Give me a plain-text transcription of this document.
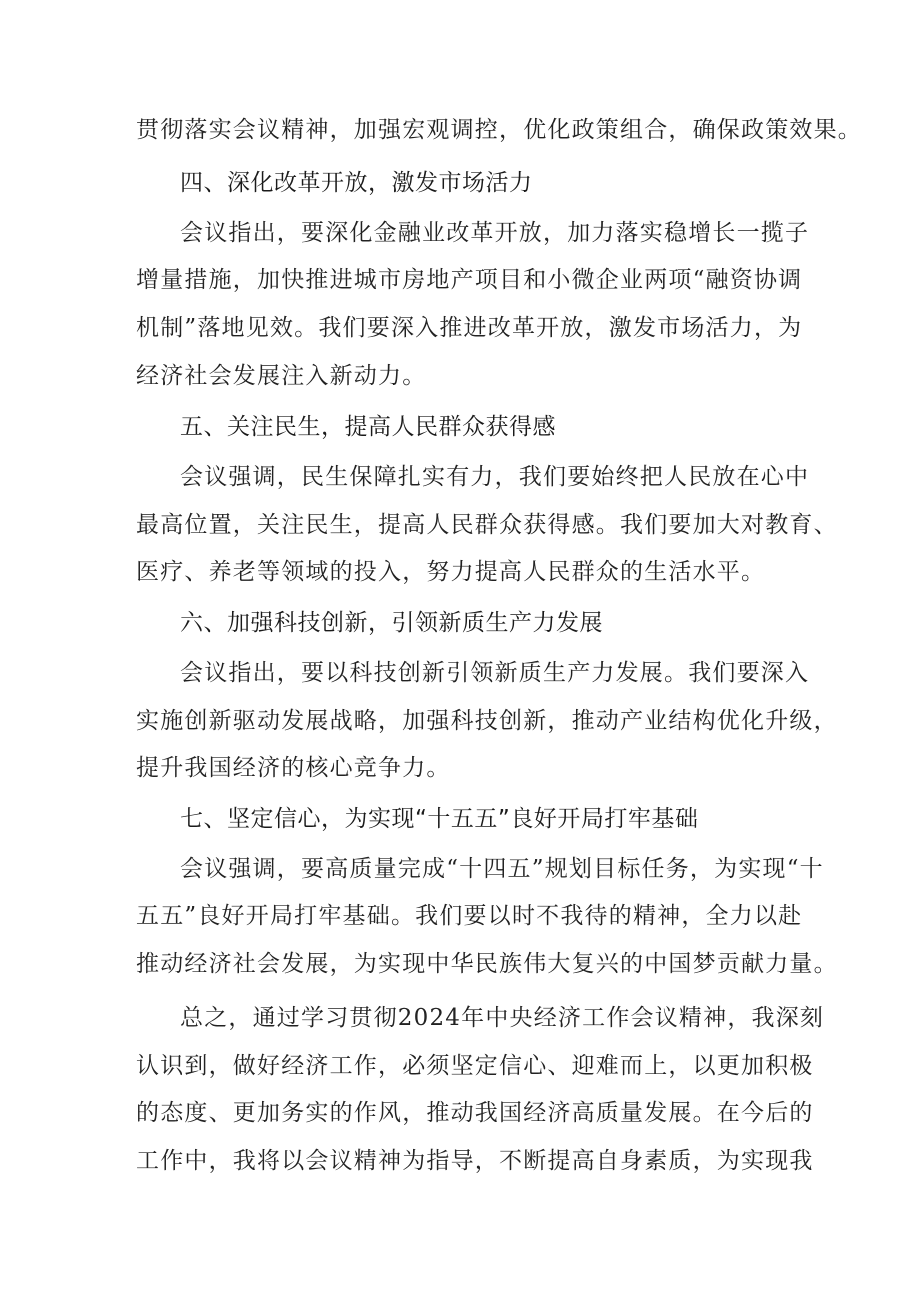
贯彻落实会议精神，加强宏观调控，优化政策组合，确保政策效果。
四、深化改革开放，激发市场活力
会议指出，要深化金融业改革开放，加力落实稳增长一揽子
增量措施，加快推进城市房地产项目和小微企业两项“融资协调
机制”落地见效。我们要深入推进改革开放，激发市场活力，为
经济社会发展注入新动力。
五、关注民生，提高人民群众获得感
会议强调，民生保障扎实有力，我们要始终把人民放在心中
最高位置，关注民生，提高人民群众获得感。我们要加大对教育、
医疗、养老等领域的投入，努力提高人民群众的生活水平。
六、加强科技创新，引领新质生产力发展
会议指出，要以科技创新引领新质生产力发展。我们要深入
实施创新驱动发展战略，加强科技创新，推动产业结构优化升级，
提升我国经济的核心竞争力。
七、坚定信心，为实现“十五五”良好开局打牢基础
会议强调，要高质量完成“十四五”规划目标任务，为实现“十
五五”良好开局打牢基础。我们要以时不我待的精神，全力以赴
推动经济社会发展，为实现中华民族伟大复兴的中国梦贡献力量。
总之，通过学习贯彻2024年中央经济工作会议精神，我深刻
认识到，做好经济工作，必须坚定信心、迎难而上，以更加积极
的态度、更加务实的作风，推动我国经济高质量发展。在今后的
工作中，我将以会议精神为指导，不断提高自身素质，为实现我
